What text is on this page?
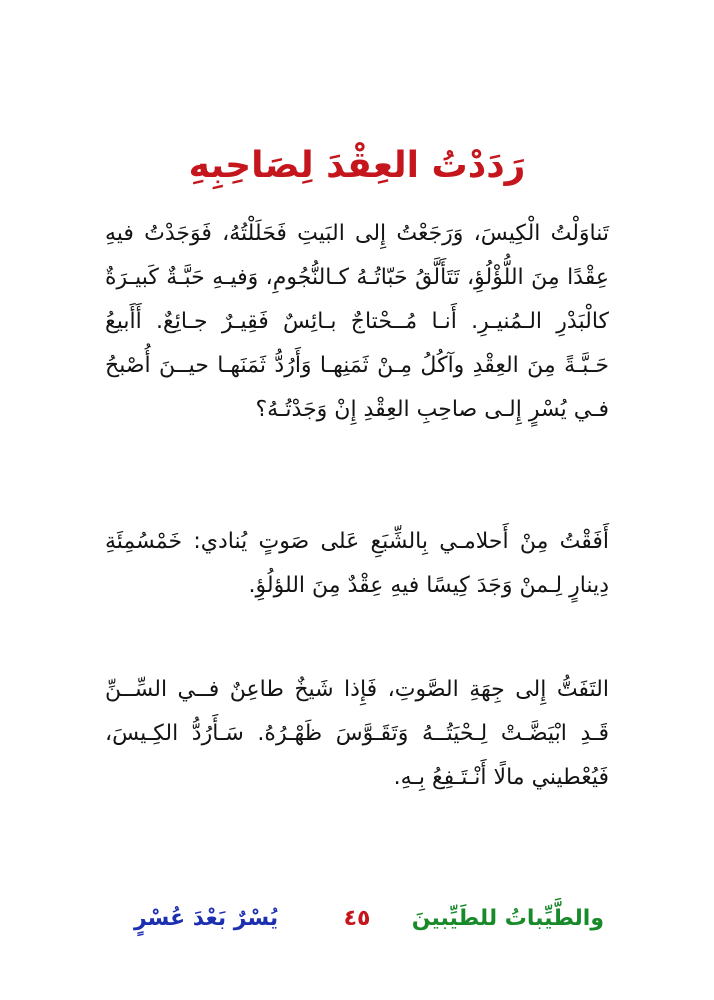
رَدَدْتُ العِقْدَ لِصَاحِبِهِ

تَناوَلْتُ الْكِيسَ، وَرَجَعْتُ إِلى البَيتِ فَحَلَلْتُهُ، فَوَجَدْتُ فيهِ عِقْدًا مِنَ اللُّؤْلُؤِ، تَتَأَلَّقُ حَبّاتُـهُ كـالنُّجُومِ، وَفيـهِ حَبَّـةٌ كَبيـرَةٌ كالْبَدْرِ الـمُنيـرِ. أَنـا مُــحْتاجٌ بـائِسٌ فَقِيـرٌ جـائِعٌ. أَأَبيعُ حَـبَّـةً مِنَ العِقْدِ وآكُلُ مِـنْ ثَمَنِهـا وَأَرُدُّ ثَمَنَهـا حيــنَ أُصْبحُ فـي يُسْرٍ إِلـى صاحِبِ العِقْدِ إِنْ وَجَدْتُـهُ؟

أَفَقْتُ مِنْ أَحلامـي بِالشِّبَعِ عَلى صَوتٍ يُنادي: خَمْسُمِئَةِ دِينارٍ لِـمنْ وَجَدَ كِيسًا فيهِ عِقْدٌ مِنَ اللؤلُؤِ.

التَفَتُّ إِلى جِهَةِ الصَّوتِ، فَإِذا شَيخٌ طاعِنٌ فــي السِّــنِّ قَـدِ ابْيَضَّـتْ لِـحْيَتُــهُ وَتَقَـوَّسَ ظَهْـرُهُ. سَـأَرُدُّ الكِـيسَ، فَيُعْطيني مالًا أَنْـتَـفِعُ بِـهِ.

والطَّيِّباتُ للطَيِّبينَ
٤٥
يُسْرٌ بَعْدَ عُسْرٍ
